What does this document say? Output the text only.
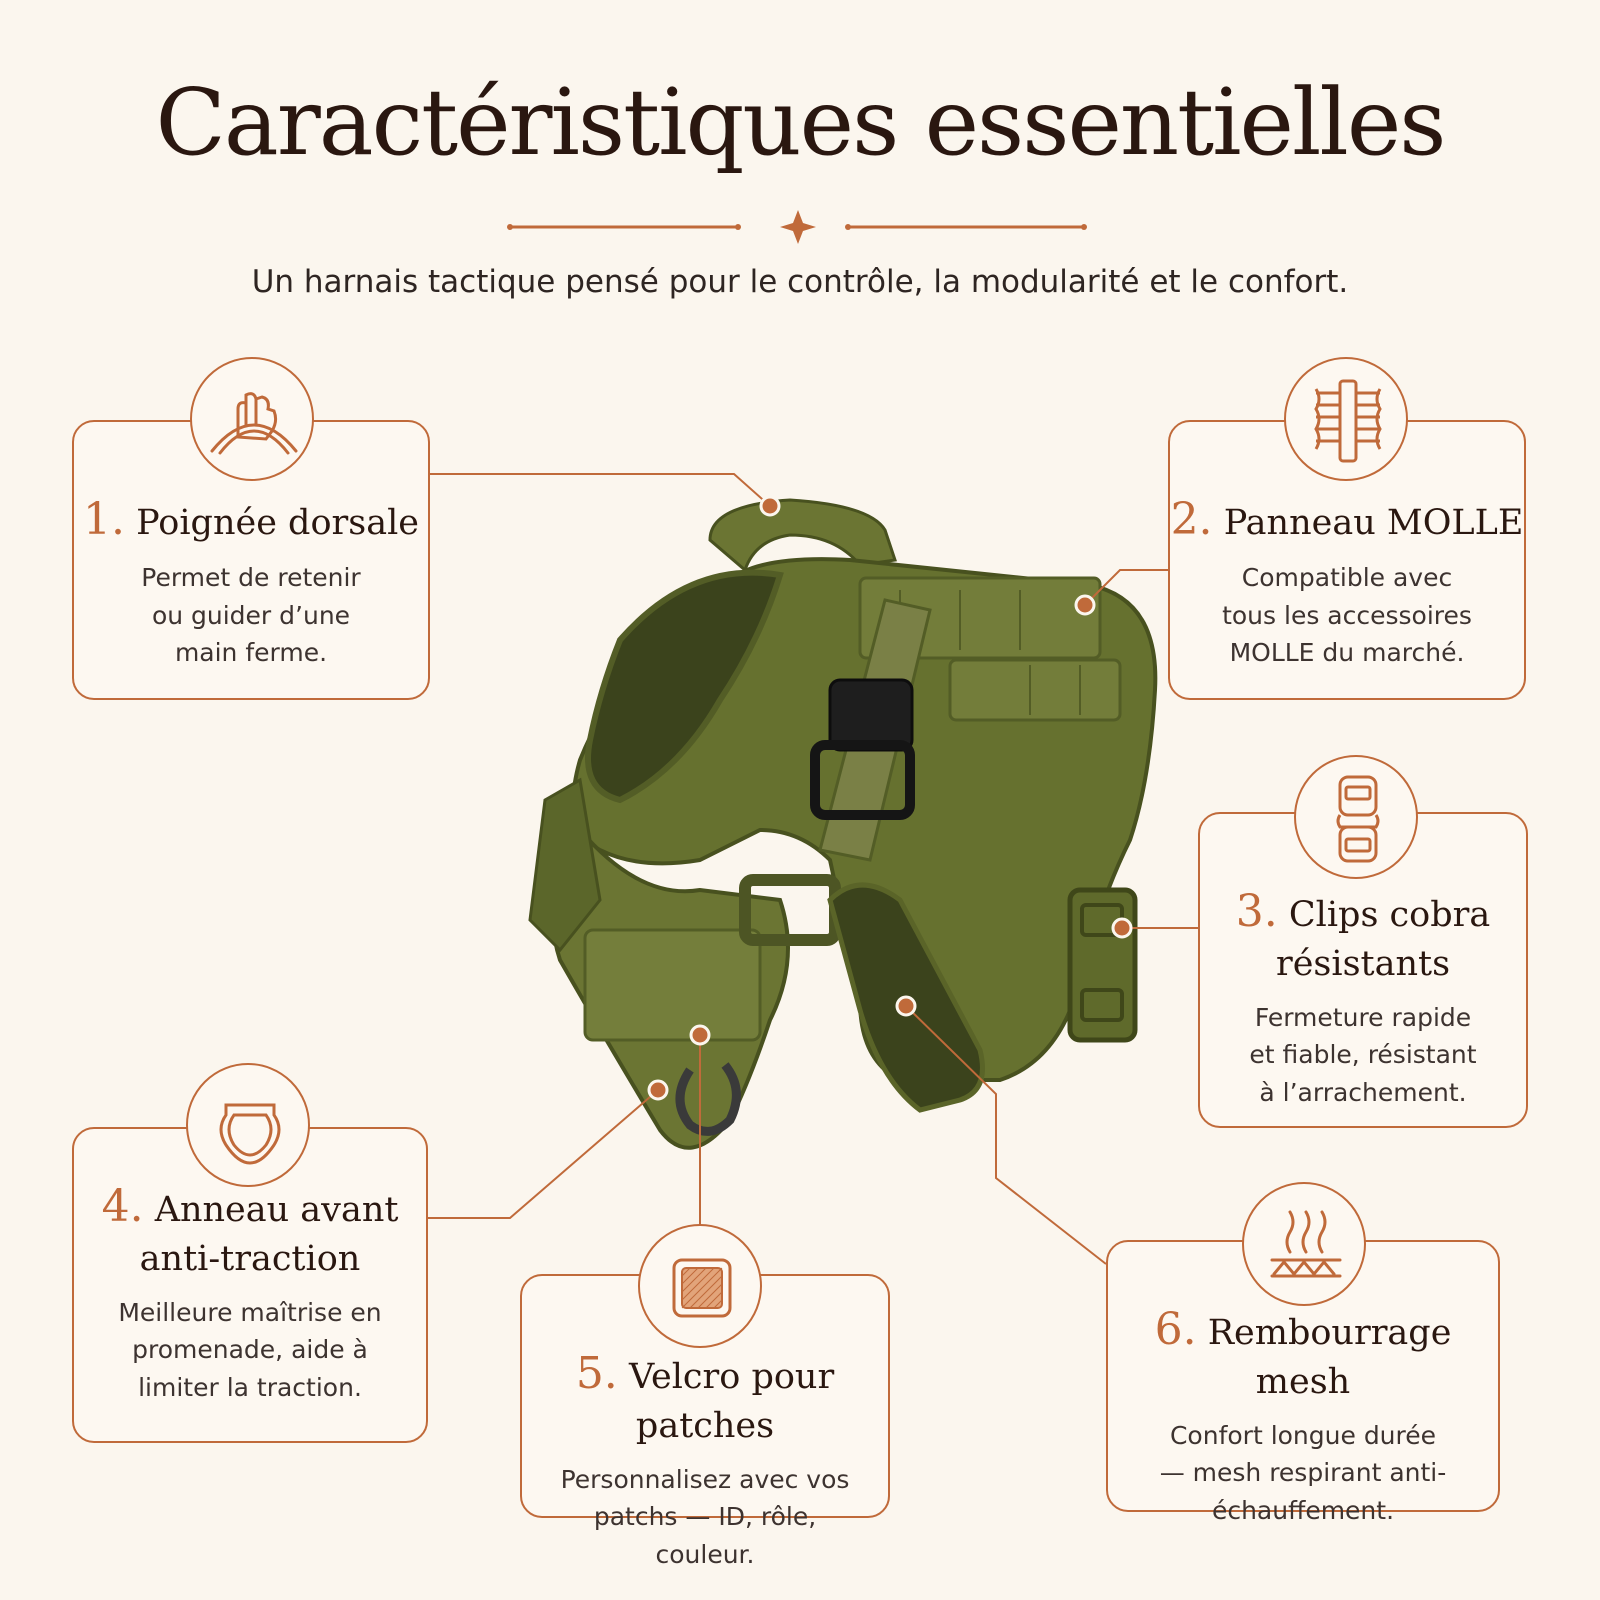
Caractéristiques essentielles
Un harnais tactique pensé pour le contrôle, la modularité et le confort.
1. Poignée dorsale
Permet de retenir ou guider d’une main ferme.
2. Panneau MOLLE
Compatible avec tous les accessoires MOLLE du marché.
3. Clips cobra résistants
Fermeture rapide et fiable, résistant à l’arrachement.
4. Anneau avant anti-traction
Meilleure maîtrise en promenade, aide à limiter la traction.	5. Velcro pour patches
Personnalisez avec vos patchs — ID, rôle, couleur.
6. Rembourrage mesh
Confort longue durée — mesh respirant anti-échauffement.
